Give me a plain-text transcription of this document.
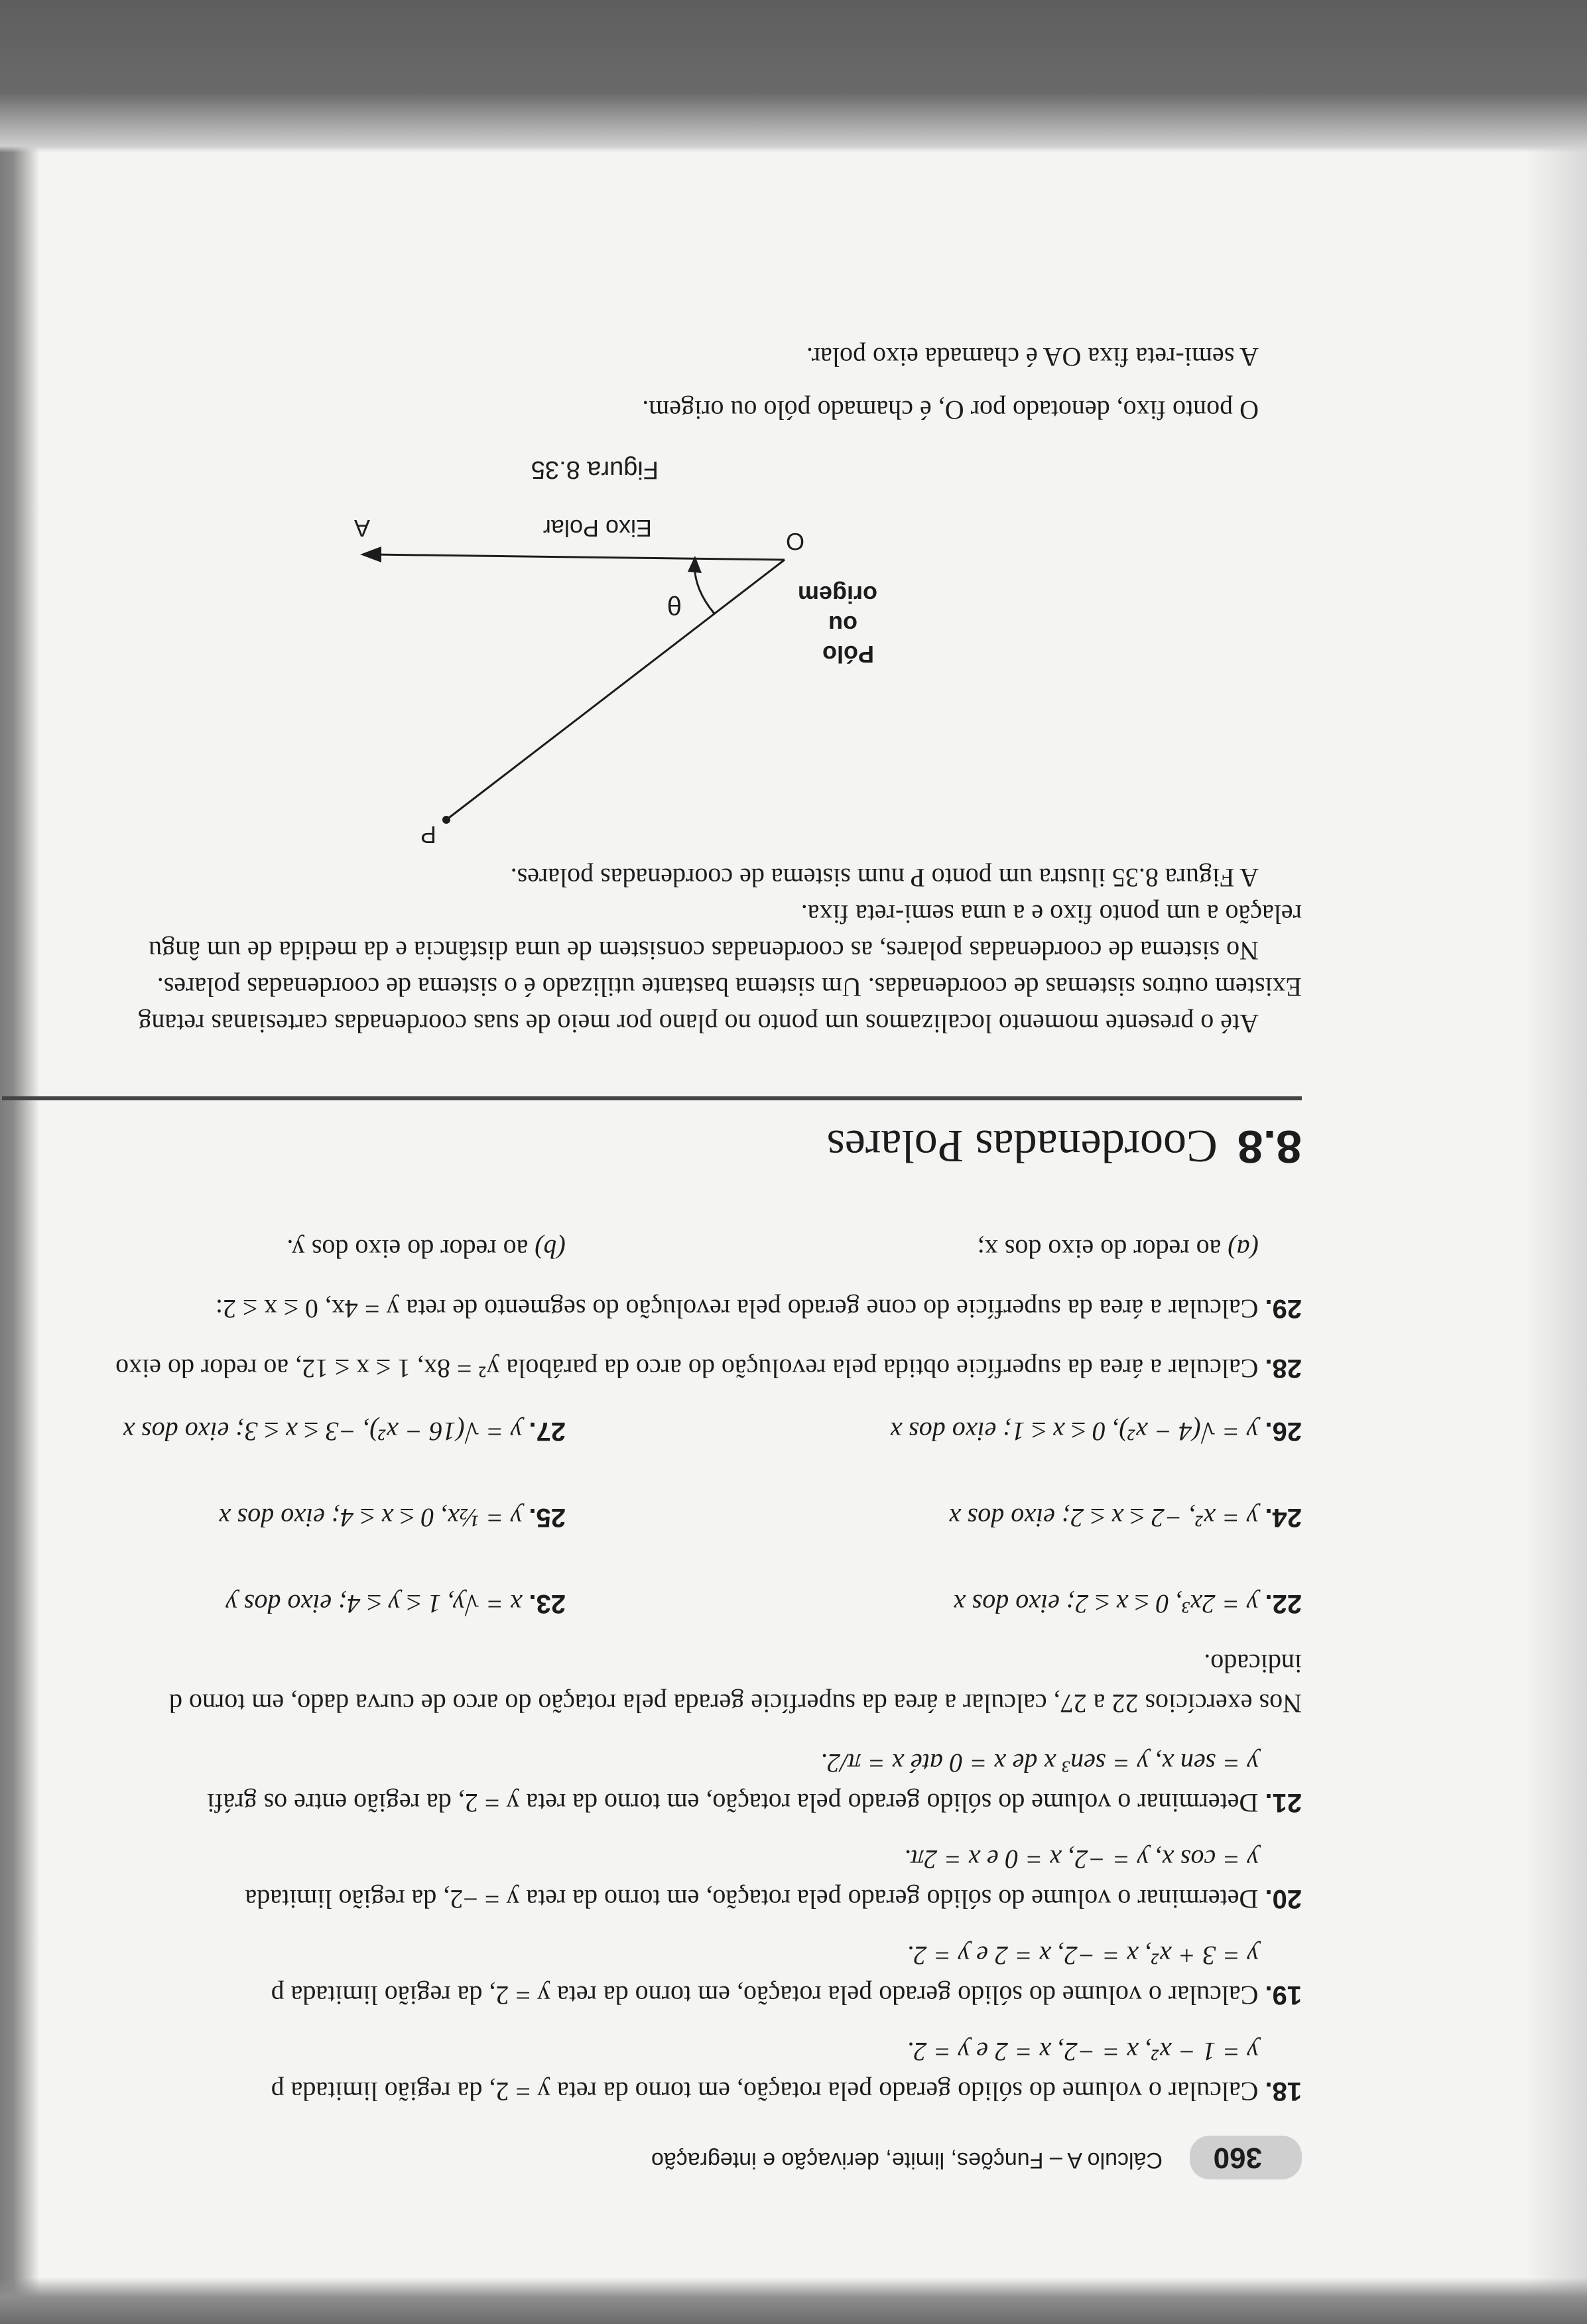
360
Cálculo A – Funções, limite, derivação e integração
18. Calcular o volume do sólido gerado pela rotação, em torno da reta y = 2, da região limitada p
y = 1 − x², x = −2, x = 2 e y = 2.
19. Calcular o volume do sólido gerado pela rotação, em torno da reta y = 2, da região limitada p
y = 3 + x², x = −2, x = 2 e y = 2.
20. Determinar o volume do sólido gerado pela rotação, em torno da reta y = −2, da região limitada
y = cos x, y = −2, x = 0 e x = 2π.
21. Determinar o volume do sólido gerado pela rotação, em torno da reta y = 2, da região entre os gráfi
y = sen x, y = sen³ x de x = 0 até x = π/2.
Nos exercícios 22 a 27, calcular a área da superfície gerada pela rotação do arco de curva dado, em torno d
indicado.
22. y = 2x³, 0 ≤ x ≤ 2; eixo dos x
23. x = √y, 1 ≤ y ≤ 4; eixo dos y
24. y = x², −2 ≤ x ≤ 2; eixo dos x
25. y = ½x, 0 ≤ x ≤ 4; eixo dos x
26. y = √(4 − x²), 0 ≤ x ≤ 1; eixo dos x
27. y = √(16 − x²), −3 ≤ x ≤ 3; eixo dos x
28. Calcular a área da superfície obtida pela revolução do arco da parábola y² = 8x, 1 ≤ x ≤ 12, ao redor do eixo
29. Calcular a área da superfície do cone gerado pela revolução do segmento de reta y = 4x, 0 ≤ x ≤ 2:
(a) ao redor do eixo dos x;
(b) ao redor do eixo dos y.
8.8Coordenadas Polares
Até o presente momento localizamos um ponto no plano por meio de suas coordenadas cartesianas retang
Existem outros sistemas de coordenadas. Um sistema bastante utilizado é o sistema de coordenadas polares.
No sistema de coordenadas polares, as coordenadas consistem de uma distância e da medida de um ângu
relação a um ponto fixo e a uma semi-reta fixa.
A Figura 8.35 ilustra um ponto P num sistema de coordenadas polares.
P
O
A
θ
Pólo
ou
origem
Eixo Polar
Figura 8.35
O ponto fixo, denotado por O, é chamado pólo ou origem.
A semi-reta fixa OA é chamada eixo polar.
